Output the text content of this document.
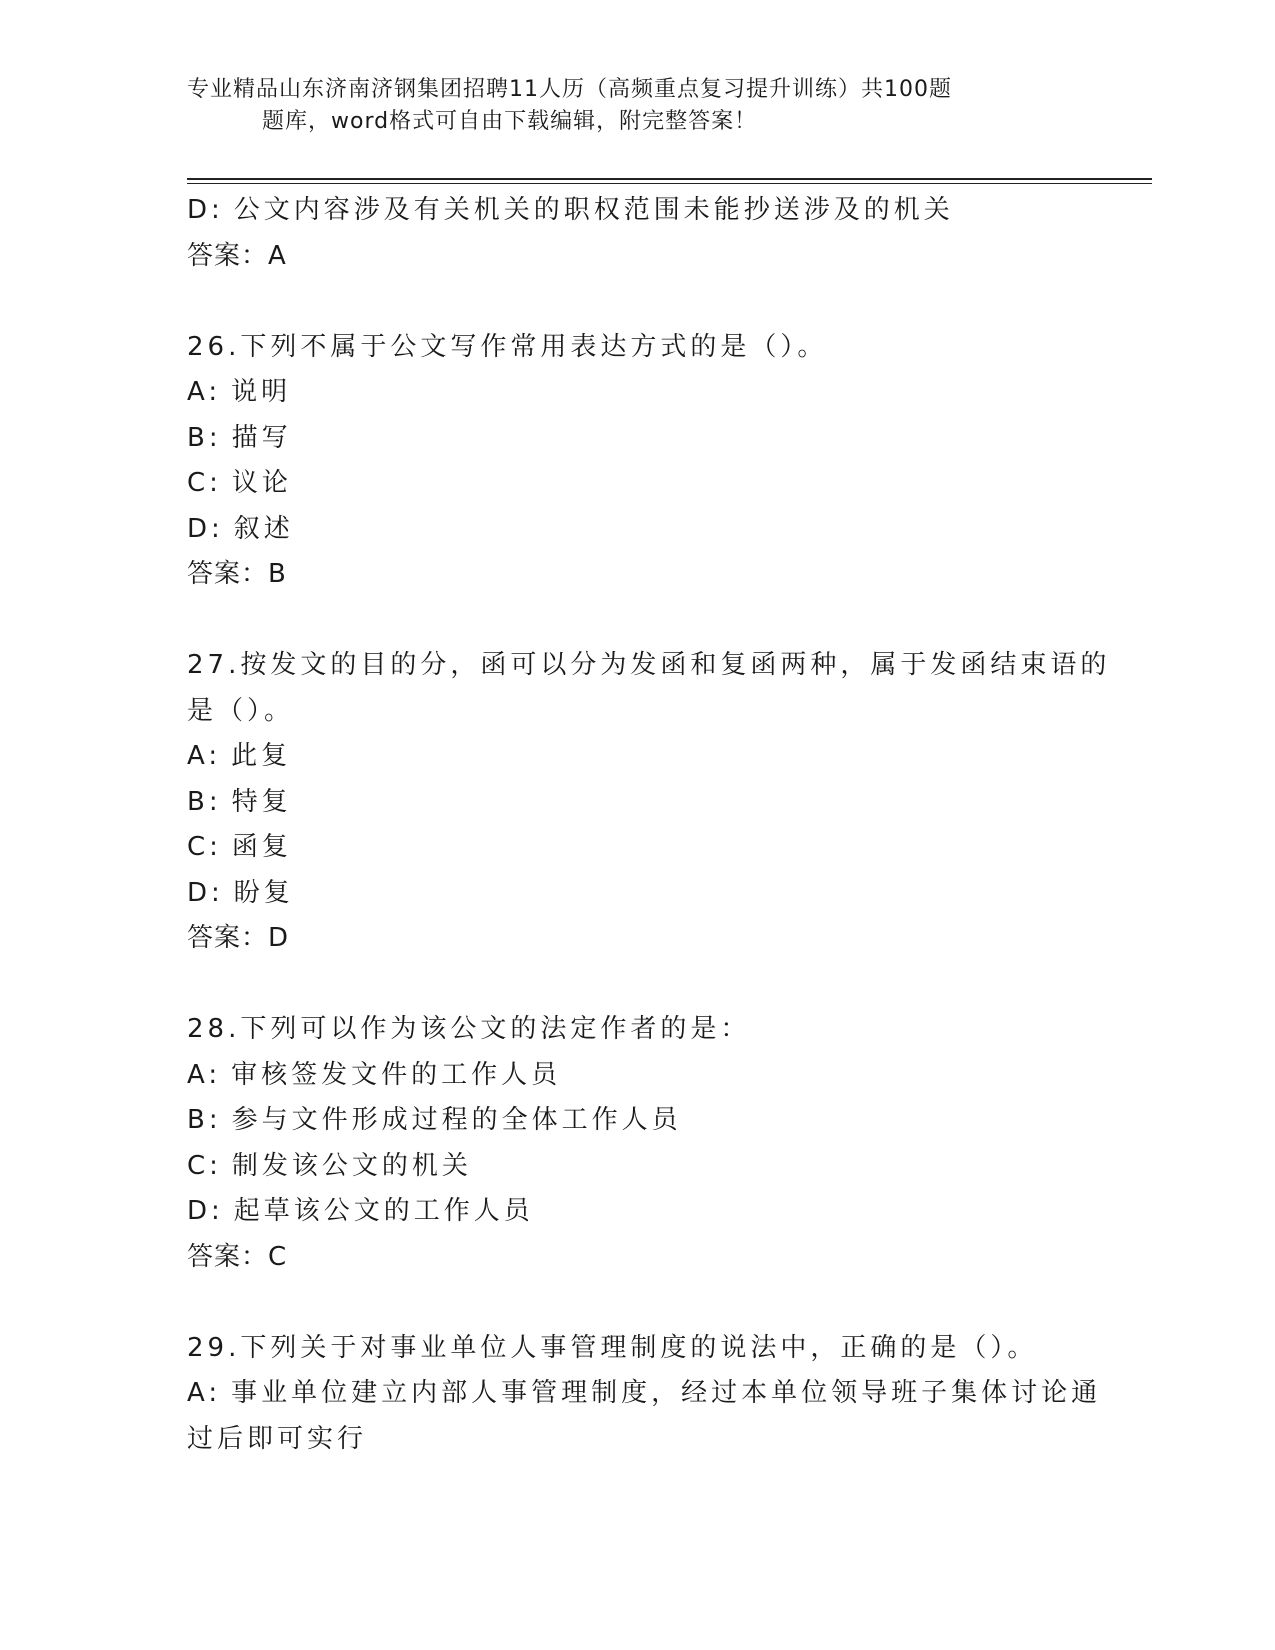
专业精品山东济南济钢集团招聘11人历（高频重点复习提升训练）共100题
题库，word格式可自由下载编辑，附完整答案！
D: 公文内容涉及有关机关的职权范围未能抄送涉及的机关
答案：A
26.下列不属于公文写作常用表达方式的是（）。
A: 说明
B: 描写
C: 议论
D: 叙述
答案：B
27.按发文的目的分，函可以分为发函和复函两种，属于发函结束语的
是（）。
A: 此复
B: 特复
C: 函复
D: 盼复
答案：D
28.下列可以作为该公文的法定作者的是：
A: 审核签发文件的工作人员
B: 参与文件形成过程的全体工作人员
C: 制发该公文的机关
D: 起草该公文的工作人员
答案：C
29.下列关于对事业单位人事管理制度的说法中，正确的是（）。
A: 事业单位建立内部人事管理制度，经过本单位领导班子集体讨论通
过后即可实行
